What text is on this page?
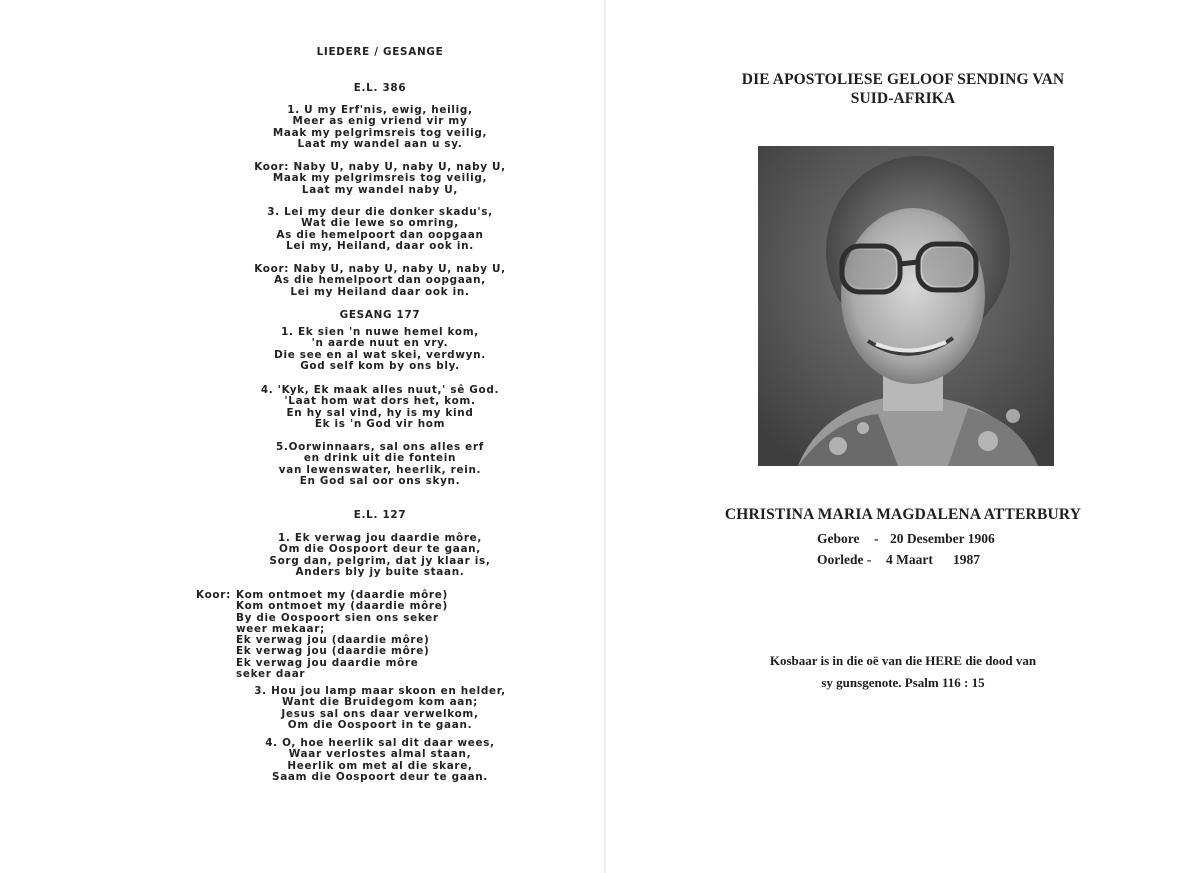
LIEDERE / GESANGE
E.L. 386
1. U my Erf'nis, ewig, heilig,
Meer as enig vriend vir my
Maak my pelgrimsreis tog veilig,
Laat my wandel aan u sy.
Koor: Naby U, naby U, naby U, naby U,
Maak my pelgrimsreis tog veilig,
Laat my wandel naby U,
3. Lei my deur die donker skadu's,
Wat die lewe so omring,
As die hemelpoort dan oopgaan
Lei my, Heiland, daar ook in.
Koor: Naby U, naby U, naby U, naby U,
As die hemelpoort dan oopgaan,
Lei my Heiland daar ook in.
GESANG 177
1. Ek sien 'n nuwe hemel kom,
'n aarde nuut en vry.
Die see en al wat skei, verdwyn.
God self kom by ons bly.
4. 'Kyk, Ek maak alles nuut,' sê God.
'Laat hom wat dors het, kom.
En hy sal vind, hy is my kind
Ek is 'n God vir hom
5.Oorwinnaars, sal ons alles erf
en drink uit die fontein
van lewenswater, heerlik, rein.
En God sal oor ons skyn.
E.L. 127
1. Ek verwag jou daardie môre,
Om die Oospoort deur te gaan,
Sorg dan, pelgrim, dat jy klaar is,
Anders bly jy buite staan.
Koor: Kom ontmoet my (daardie môre)
Kom ontmoet my (daardie môre)
By die Oospoort sien ons seker
weer mekaar;
Ek verwag jou (daardie môre)
Ek verwag jou (daardie môre)
Ek verwag jou daardie môre
seker daar
3. Hou jou lamp maar skoon en helder,
Want die Bruidegom kom aan;
Jesus sal ons daar verwelkom,
Om die Oospoort in te gaan.
4. O, hoe heerlik sal dit daar wees,
Waar verlostes almal staan,
Heerlik om met al die skare,
Saam die Oospoort deur te gaan.
DIE APOSTOLIESE GELOOF SENDING VAN
SUID-AFRIKA
CHRISTINA MARIA MAGDALENA ATTERBURY
Gebore - 20 Desember 1906
Oorlede - 4 Maart 1987
Kosbaar is in die oë van die HERE die dood van
sy gunsgenote. Psalm 116 : 15
